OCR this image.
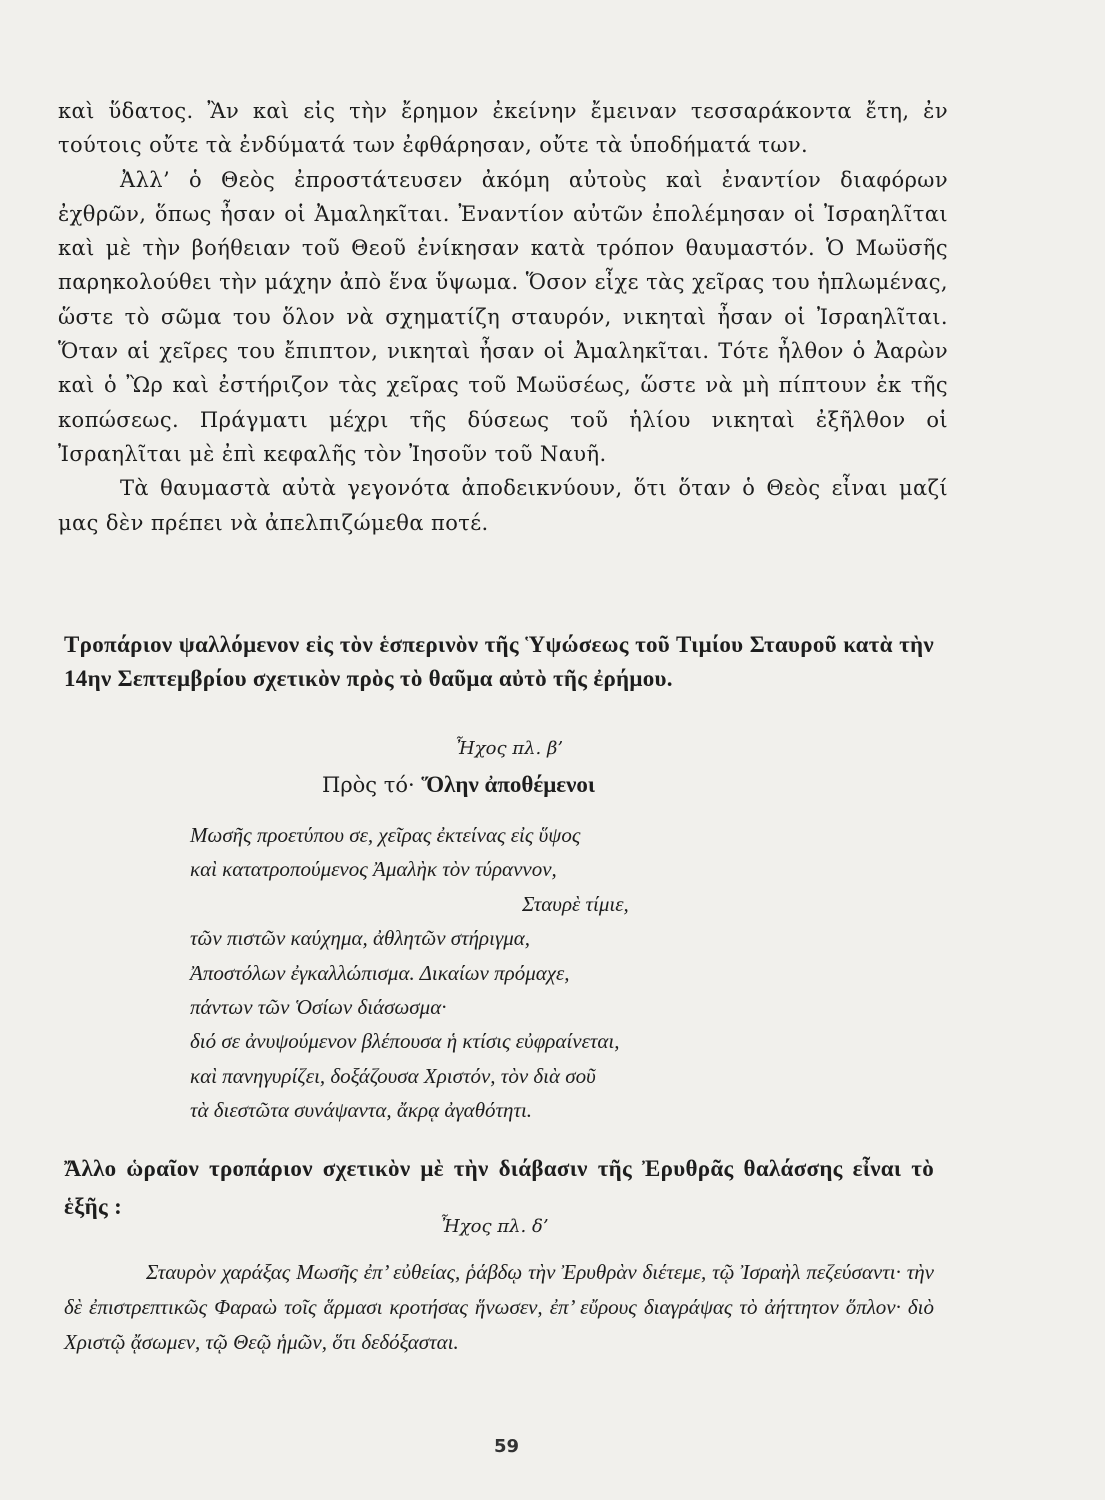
καὶ ὕδατος. Ἂν καὶ εἰς τὴν ἔρημον ἐκείνην ἔμειναν τεσσαράκοντα ἔτη, ἐν τούτοις οὔτε τὰ ἐνδύματά των ἐφθάρησαν, οὔτε τὰ ὑποδήματά των.

Ἀλλ’ ὁ Θεὸς ἐπροστάτευσεν ἀκόμη αὐτοὺς καὶ ἐναντίον διαφόρων ἐχθρῶν, ὅπως ἦσαν οἱ Ἀμαληκῖται. Ἐναντίον αὐτῶν ἐπολέμησαν οἱ Ἰσραηλῖται καὶ μὲ τὴν βοήθειαν τοῦ Θεοῦ ἐνίκησαν κατὰ τρόπον θαυμαστόν. Ὁ Μωϋσῆς παρηκολούθει τὴν μάχην ἀπὸ ἕνα ὕψωμα. Ὅσον εἶχε τὰς χεῖρας του ἡπλωμένας, ὥστε τὸ σῶμα του ὅλον νὰ σχηματίζη σταυρόν, νικηταὶ ἦσαν οἱ Ἰσραηλῖται. Ὅταν αἱ χεῖρες του ἔπιπτον, νικηταὶ ἦσαν οἱ Ἀμαληκῖται. Τότε ἦλθον ὁ Ἀαρὼν καὶ ὁ Ὢρ καὶ ἐστήριζον τὰς χεῖρας τοῦ Μωϋσέως, ὥστε νὰ μὴ πίπτουν ἐκ τῆς κοπώσεως. Πράγματι μέχρι τῆς δύσεως τοῦ ἡλίου νικηταὶ ἐξῆλθον οἱ Ἰσραηλῖται μὲ ἐπὶ κεφαλῆς τὸν Ἰησοῦν τοῦ Ναυῆ.

Τὰ θαυμαστὰ αὐτὰ γεγονότα ἀποδεικνύουν, ὅτι ὅταν ὁ Θεὸς εἶναι μαζί μας δὲν πρέπει νὰ ἀπελπιζώμεθα ποτέ.

Τροπάριον ψαλλόμενον εἰς τὸν ἑσπερινὸν τῆς Ὑψώσεως τοῦ Τιμίου Σταυροῦ κατὰ τὴν 14ην Σεπτεμβρίου σχετικὸν πρὸς τὸ θαῦμα αὐτὸ τῆς ἐρήμου.
Ἦχος πλ. β’
Πρὸς τό· Ὅλην ἀποθέμενοι
Μωσῆς προετύπου σε, χεῖρας ἐκτείνας εἰς ὕψος
καὶ κατατροπούμενος Ἀμαλὴκ τὸν τύραννον,
Σταυρὲ τίμιε,
τῶν πιστῶν καύχημα, ἀθλητῶν στήριγμα,
Ἀποστόλων ἐγκαλλώπισμα. Δικαίων πρόμαχε,
πάντων τῶν Ὁσίων διάσωσμα·
διό σε ἀνυψούμενον βλέπουσα ἡ κτίσις εὐφραίνεται,
καὶ πανηγυρίζει, δοξάζουσα Χριστόν, τὸν διὰ σοῦ
τὰ διεστῶτα συνάψαντα, ἄκρᾳ ἀγαθότητι.
Ἄλλο ὡραῖον τροπάριον σχετικὸν μὲ τὴν διάβασιν τῆς Ἐρυθρᾶς θαλάσσης εἶναι τὸ ἑξῆς :
Ἦχος πλ. δ’

Σταυρὸν χαράξας Μωσῆς ἐπ’ εὐθείας, ῥάβδῳ τὴν Ἐρυθρὰν διέτεμε, τῷ Ἰσραὴλ πεζεύσαντι· τὴν δὲ ἐπιστρεπτικῶς Φαραὼ τοῖς ἅρμασι κροτήσας ἥνωσεν, ἐπ’ εὔρους διαγράψας τὸ ἀήττητον ὅπλον· διὸ Χριστῷ ᾄσωμεν, τῷ Θεῷ ἡμῶν, ὅτι δεδόξασται.

59
